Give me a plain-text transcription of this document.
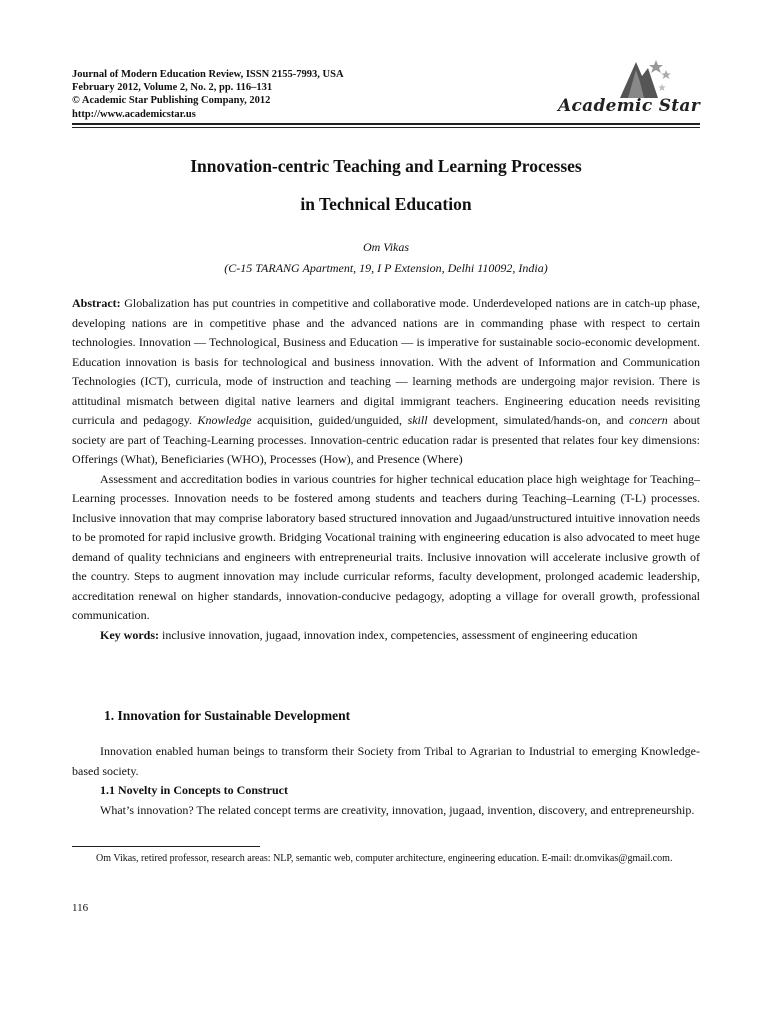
Journal of Modern Education Review, ISSN 2155-7993, USA
February 2012, Volume 2, No. 2, pp. 116–131
© Academic Star Publishing Company, 2012
http://www.academicstar.us	Academic Star
Innovation-centric Teaching and Learning Processes
in Technical Education
Om Vikas
(C-15 TARANG Apartment, 19, I P Extension, Delhi 110092, India)

Abstract: Globalization has put countries in competitive and collaborative mode. Underdeveloped nations are in catch-up phase, developing nations are in competitive phase and the advanced nations are in commanding phase with respect to certain technologies. Innovation — Technological, Business and Education — is imperative for sustainable socio-economic development. Education innovation is basis for technological and business innovation. With the advent of Information and Communication Technologies (ICT), curricula, mode of instruction and teaching — learning methods are undergoing major revision. There is attitudinal mismatch between digital native learners and digital immigrant teachers. Engineering education needs revisiting curricula and pedagogy. Knowledge acquisition, guided/unguided, skill development, simulated/hands-on, and concern about society are part of Teaching-Learning processes. Innovation-centric education radar is presented that relates four key dimensions: Offerings (What), Beneficiaries (WHO), Processes (How), and Presence (Where)

Assessment and accreditation bodies in various countries for higher technical education place high weightage for Teaching–Learning processes. Innovation needs to be fostered among students and teachers during Teaching–Learning (T-L) processes. Inclusive innovation that may comprise laboratory based structured innovation and Jugaad/unstructured intuitive innovation needs to be promoted for rapid inclusive growth. Bridging Vocational training with engineering education is also advocated to meet huge demand of quality technicians and engineers with entrepreneurial traits. Inclusive innovation will accelerate inclusive growth of the country. Steps to augment innovation may include curricular reforms, faculty development, prolonged academic leadership, accreditation renewal on higher standards, innovation-conducive pedagogy, adopting a village for overall growth, professional communication.

Key words: inclusive innovation, jugaad, innovation index, competencies, assessment of engineering education

1. Innovation for Sustainable Development

Innovation enabled human beings to transform their Society from Tribal to Agrarian to Industrial to emerging Knowledge-based society.

1.1 Novelty in Concepts to Construct

What’s innovation? The related concept terms are creativity, innovation, jugaad, invention, discovery, and entrepreneurship.

Om Vikas, retired professor, research areas: NLP, semantic web, computer architecture, engineering education. E-mail: dr.omvikas@gmail.com.

116
